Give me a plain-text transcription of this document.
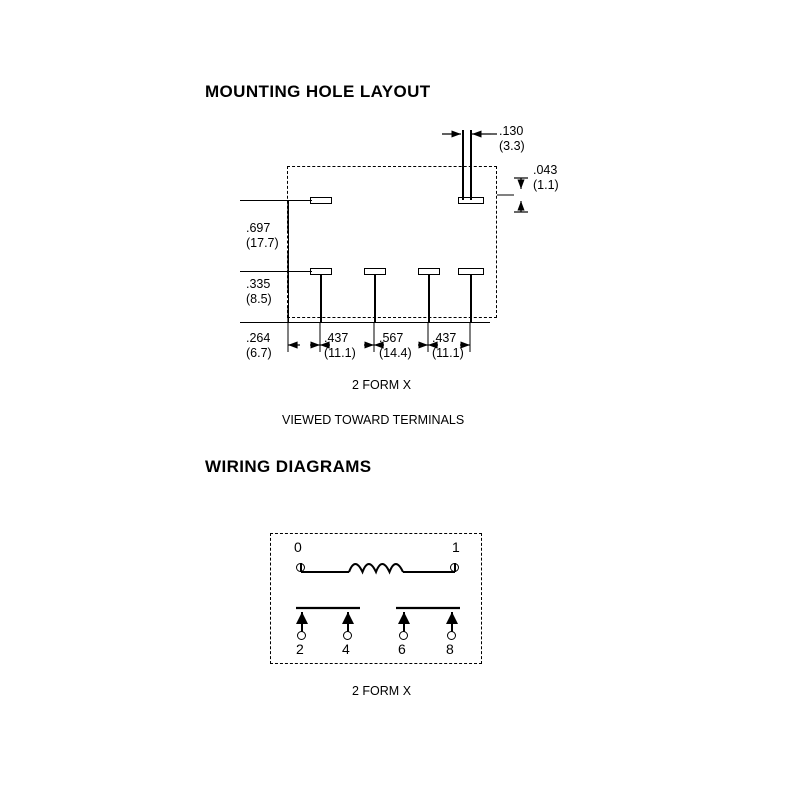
MOUNTING HOLE LAYOUT
WIRING DIAGRAMS
.697
(17.7)
.335
(8.5)
.264
(6.7)
.437
(11.1)
.567
(14.4)
.437
(11.1)
.130
(3.3)
.043
(1.1)
2 FORM X
VIEWED TOWARD TERMINALS
0	1
2	4	6	8
2 FORM X
